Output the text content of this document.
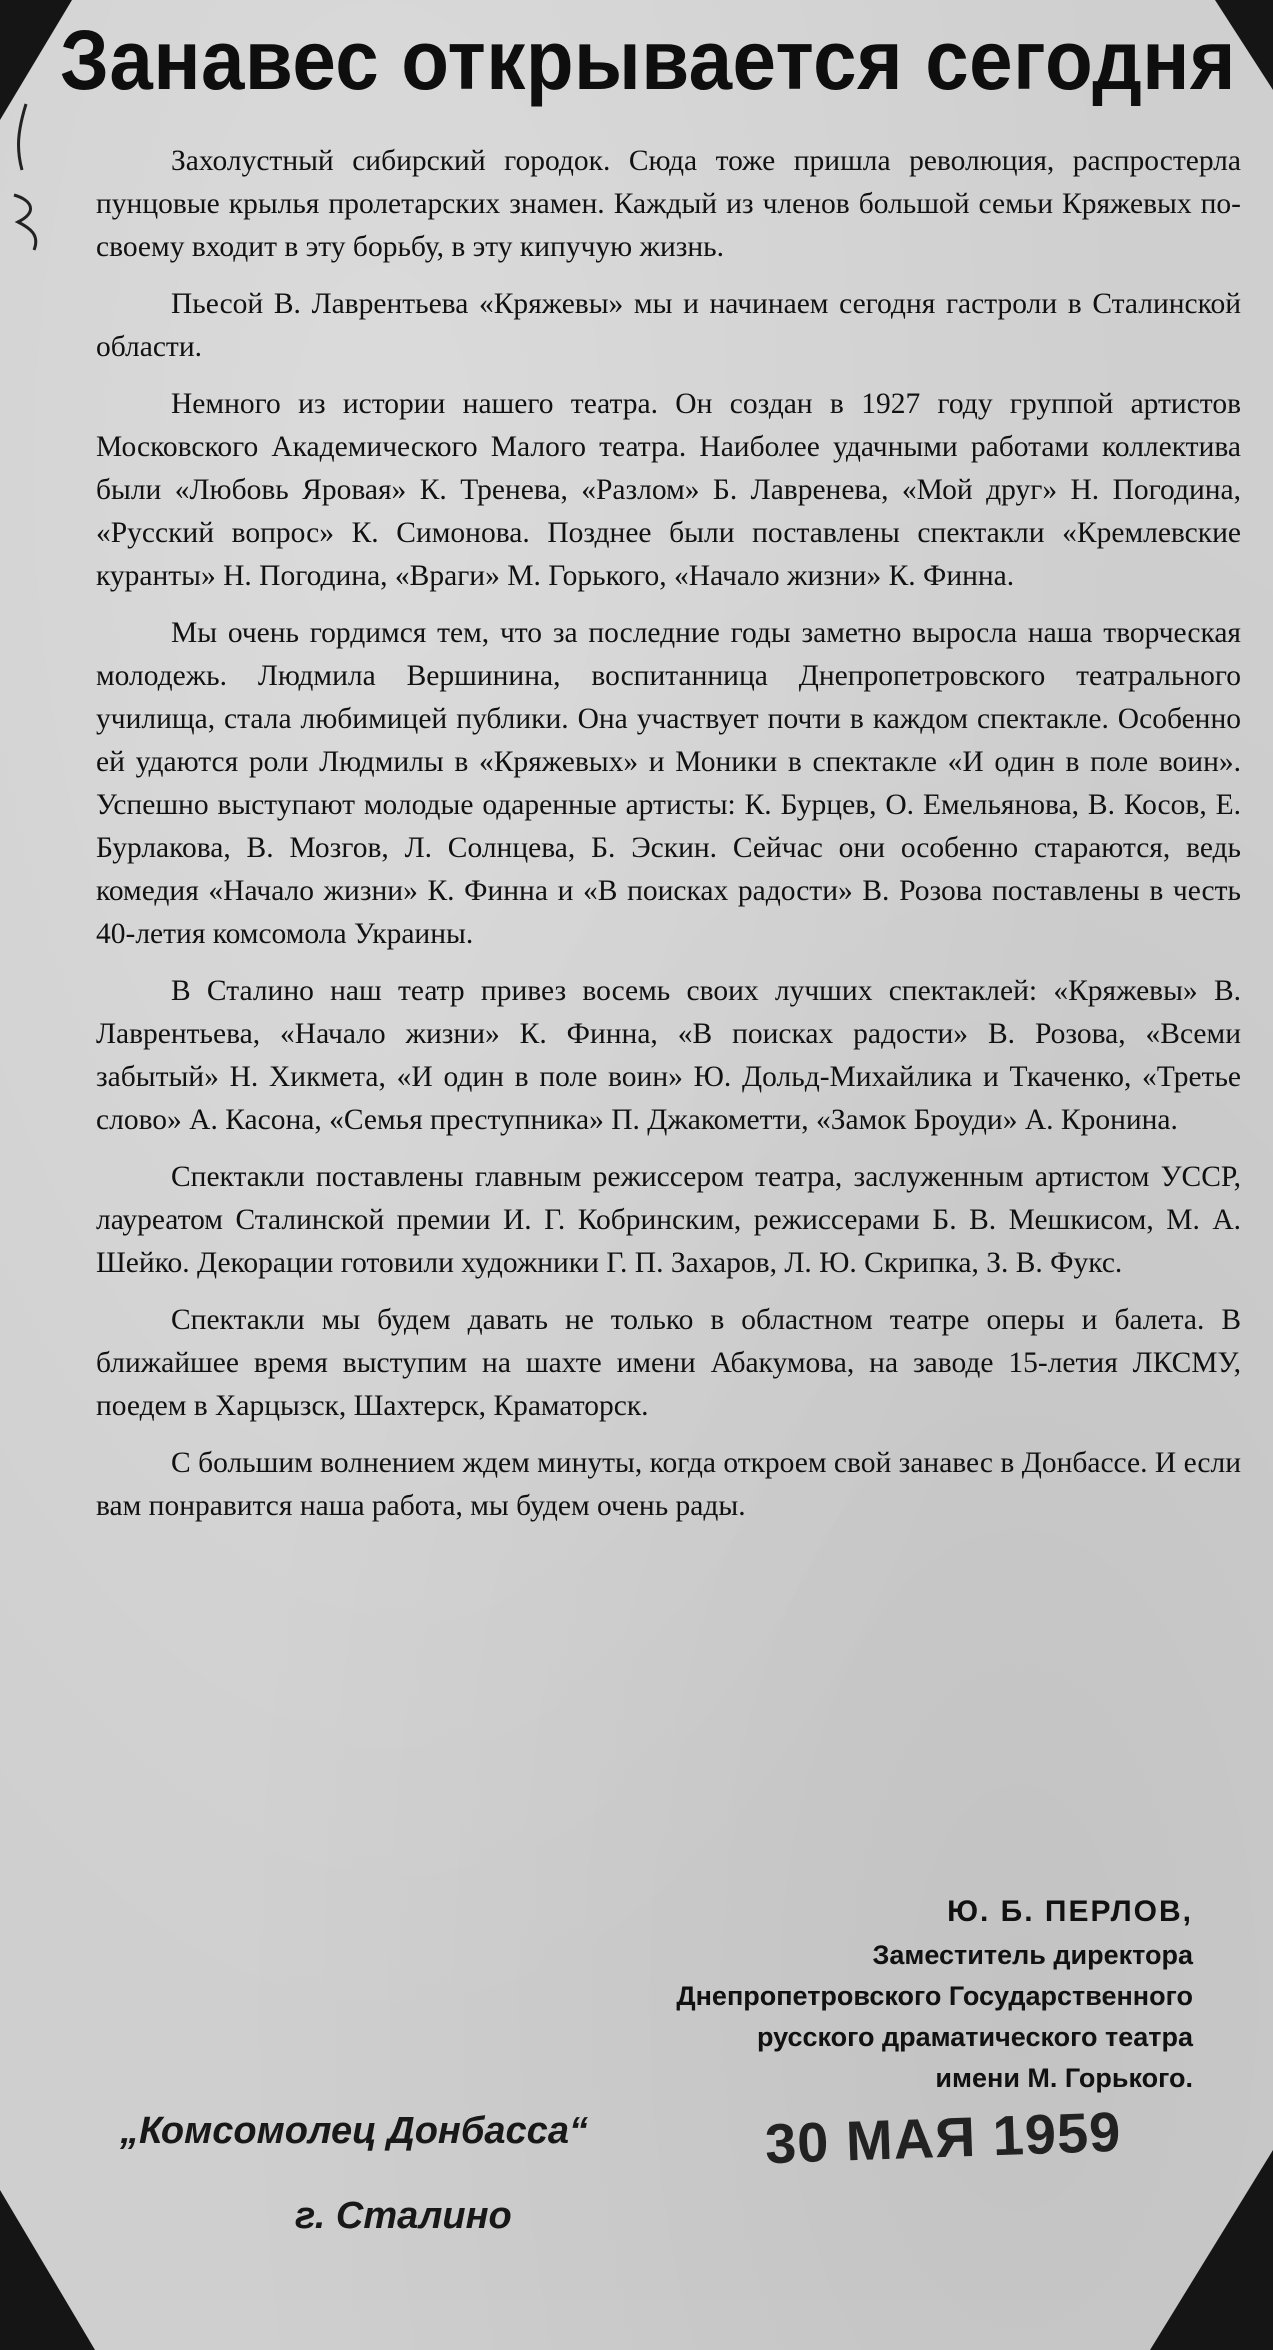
Занавес открывается сегодня

Захолустный сибирский городок. Сюда тоже пришла революция, распростерла пунцовые крылья пролетарских знамен. Каждый из членов большой семьи Кряжевых по-своему входит в эту борьбу, в эту кипучую жизнь.

Пьесой В. Лаврентьева «Кряжевы» мы и начинаем сегодня гастроли в Сталинской области.

Немного из истории нашего театра. Он создан в 1927 году группой артистов Московского Академического Малого театра. Наиболее удачными работами коллектива были «Любовь Яровая» К. Тренева, «Разлом» Б. Лавренева, «Мой друг» Н. Погодина, «Русский вопрос» К. Симонова. Позднее были поставлены спектакли «Кремлевские куранты» Н. Погодина, «Враги» М. Горького, «Начало жизни» К. Финна.

Мы очень гордимся тем, что за последние годы заметно выросла наша творческая молодежь. Людмила Вершинина, воспитанница Днепропетровского театрального училища, стала любимицей публики. Она участвует почти в каждом спектакле. Особенно ей удаются роли Людмилы в «Кряжевых» и Моники в спектакле «И один в поле воин». Успешно выступают молодые одаренные артисты: К. Бурцев, О. Емельянова, В. Косов, Е. Бурлакова, В. Мозгов, Л. Солнцева, Б. Эскин. Сейчас они особенно стараются, ведь комедия «Начало жизни» К. Финна и «В поисках радости» В. Розова поставлены в честь 40-летия комсомола Украины.

В Сталино наш театр привез восемь своих лучших спектаклей: «Кряжевы» В. Лаврентьева, «Начало жизни» К. Финна, «В поисках радости» В. Розова, «Всеми забытый» Н. Хикмета, «И один в поле воин» Ю. Дольд-Михайлика и Ткаченко, «Третье слово» А. Касона, «Семья преступника» П. Джакометти, «Замок Броуди» А. Кронина.

Спектакли поставлены главным режиссером театра, заслуженным артистом УССР, лауреатом Сталинской премии И. Г. Кобринским, режиссерами Б. В. Мешкисом, М. А. Шейко. Декорации готовили художники Г. П. Захаров, Л. Ю. Скрипка, З. В. Фукс.

Спектакли мы будем давать не только в областном театре оперы и балета. В ближайшее время выступим на шахте имени Абакумова, на заводе 15-летия ЛКСМУ, поедем в Харцызск, Шахтерск, Краматорск.

С большим волнением ждем минуты, когда откроем свой занавес в Донбассе. И если вам понравится наша работа, мы будем очень рады.

Ю. Б. ПЕРЛОВ,
Заместитель директора
Днепропетровского Государственного
русского драматического театра
имени М. Горького.
„Комсомолец Донбасса“
г. Сталино
30 МАЯ 1959
